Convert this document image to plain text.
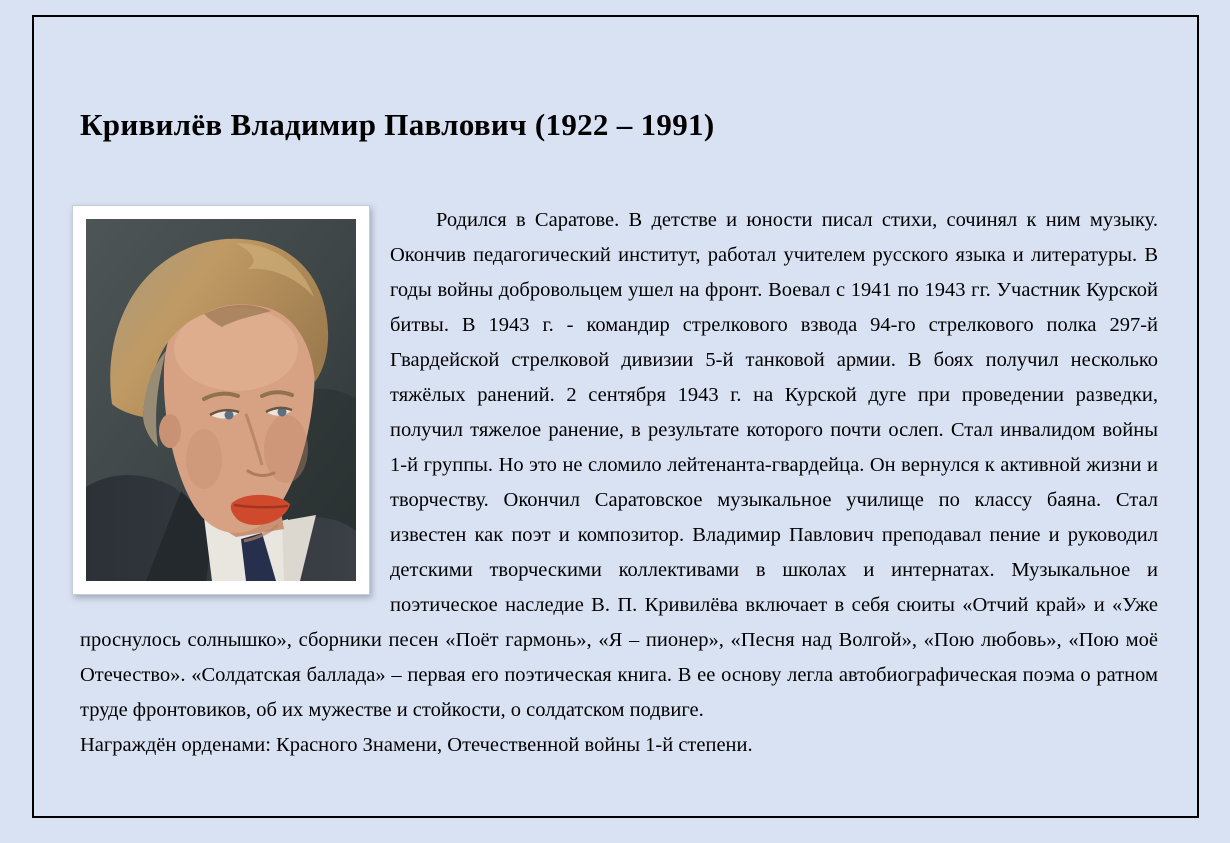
Кривилёв Владимир Павлович (1922 – 1991)

Родился в Саратове. В детстве и юности писал стихи, сочинял к ним музыку. Окончив педагогический институт, работал учителем русского языка и литературы. В годы войны добровольцем ушел на фронт. Воевал с 1941 по 1943 гг. Участник Курской битвы. В 1943 г. - командир стрелкового взвода 94-го стрелкового полка 297-й Гвардейской стрелковой дивизии 5-й танковой армии. В боях получил несколько тяжёлых ранений. 2 сентября 1943 г. на Курской дуге при проведении разведки, получил тяжелое ранение, в результате которого почти ослеп. Стал инвалидом войны 1-й группы. Но это не сломило лейтенанта-гвардейца. Он вернулся к активной жизни и творчеству. Окончил Саратовское музыкальное училище по классу баяна. Стал известен как поэт и композитор. Владимир Павлович преподавал пение и руководил детскими творческими коллективами в школах и интернатах. Музыкальное и поэтическое наследие В. П. Кривилёва включает в себя сюиты «Отчий край» и «Уже проснулось солнышко», сборники песен «Поёт гармонь», «Я – пионер», «Песня над Волгой», «Пою любовь», «Пою моё Отечество». «Солдатская баллада» – первая его поэтическая книга. В ее основу легла автобиографическая поэма о ратном труде фронтовиков, об их мужестве и стойкости, о солдатском подвиге.

Награждён орденами: Красного Знамени, Отечественной войны 1-й степени.
